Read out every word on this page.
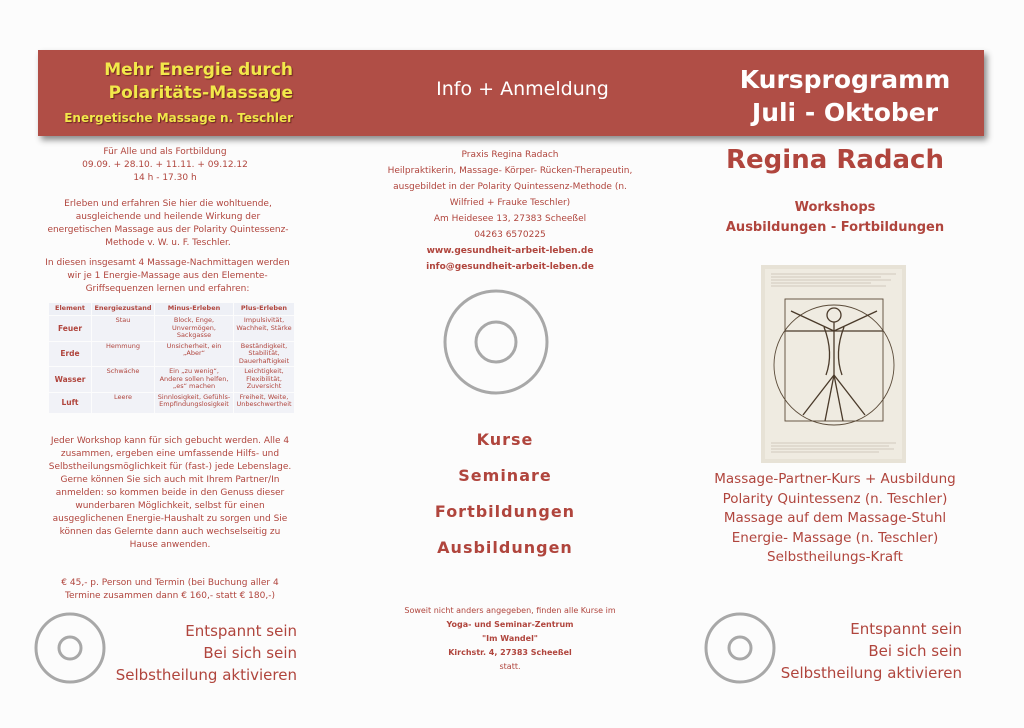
Mehr Energie durch
Polaritäts-Massage
Energetische Massage n. Teschler
Info + Anmeldung	Kursprogramm
Juli - Oktober
Für Alle und als Fortbildung
09.09. + 28.10. + 11.11. + 09.12.12
14 h - 17.30 h
Erleben und erfahren Sie hier die wohltuende,
ausgleichende und heilende Wirkung der
energetischen Massage aus der Polarity Quintessenz-
Methode v. W. u. F. Teschler.
In diesen insgesamt 4 Massage-Nachmittagen werden
wir je 1 Energie-Massage aus den Elemente-
Griffsequenzen lernen und erfahren:
Element	Energiezustand	Minus-Erleben	Plus-Erleben
Feuer	Stau	Block, Enge, Unvermögen, Sackgasse	Impulsivität, Wachheit, Stärke
Erde	Hemmung	Unsicherheit, ein „Aber“	Beständigkeit, Stabilität, Dauerhaftigkeit
Wasser	Schwäche	Ein „zu wenig“, Andere sollen helfen, „es“ machen	Leichtigkeit, Flexibilität, Zuversicht
Luft	Leere	Sinnlosigkeit, Gefühls-Empfindungslosigkeit	Freiheit, Weite, Unbeschwertheit
Jeder Workshop kann für sich gebucht werden. Alle 4
zusammen, ergeben eine umfassende Hilfs- und
Selbstheilungsmöglichkeit für (fast-) jede Lebenslage.
Gerne können Sie sich auch mit Ihrem Partner/In
anmelden: so kommen beide in den Genuss dieser
wunderbaren Möglichkeit, selbst für einen
ausgeglichenen Energie-Haushalt zu sorgen und Sie
können das Gelernte dann auch wechselseitig zu
Hause anwenden.
€ 45,- p. Person und Termin (bei Buchung aller 4
Termine zusammen dann € 160,- statt € 180,-)
Entspannt sein
Bei sich sein
Selbstheilung aktivieren
Praxis Regina Radach
Heilpraktikerin, Massage- Körper- Rücken-Therapeutin,
ausgebildet in der Polarity Quintessenz-Methode (n.
Wilfried + Frauke Teschler)
Am Heidesee 13, 27383 Scheeßel
04263 6570225
www.gesundheit-arbeit-leben.de
info@gesundheit-arbeit-leben.de
Kurse
Seminare
Fortbildungen
Ausbildungen
Soweit nicht anders angegeben, finden alle Kurse im
Yoga- und Seminar-Zentrum
"Im Wandel"
Kirchstr. 4, 27383 Scheeßel
statt.
Regina Radach
Workshops
Ausbildungen - Fortbildungen
Massage-Partner-Kurs + Ausbildung
Polarity Quintessenz (n. Teschler)
Massage auf dem Massage-Stuhl
Energie- Massage (n. Teschler)
Selbstheilungs-Kraft
Entspannt sein
Bei sich sein
Selbstheilung aktivieren
